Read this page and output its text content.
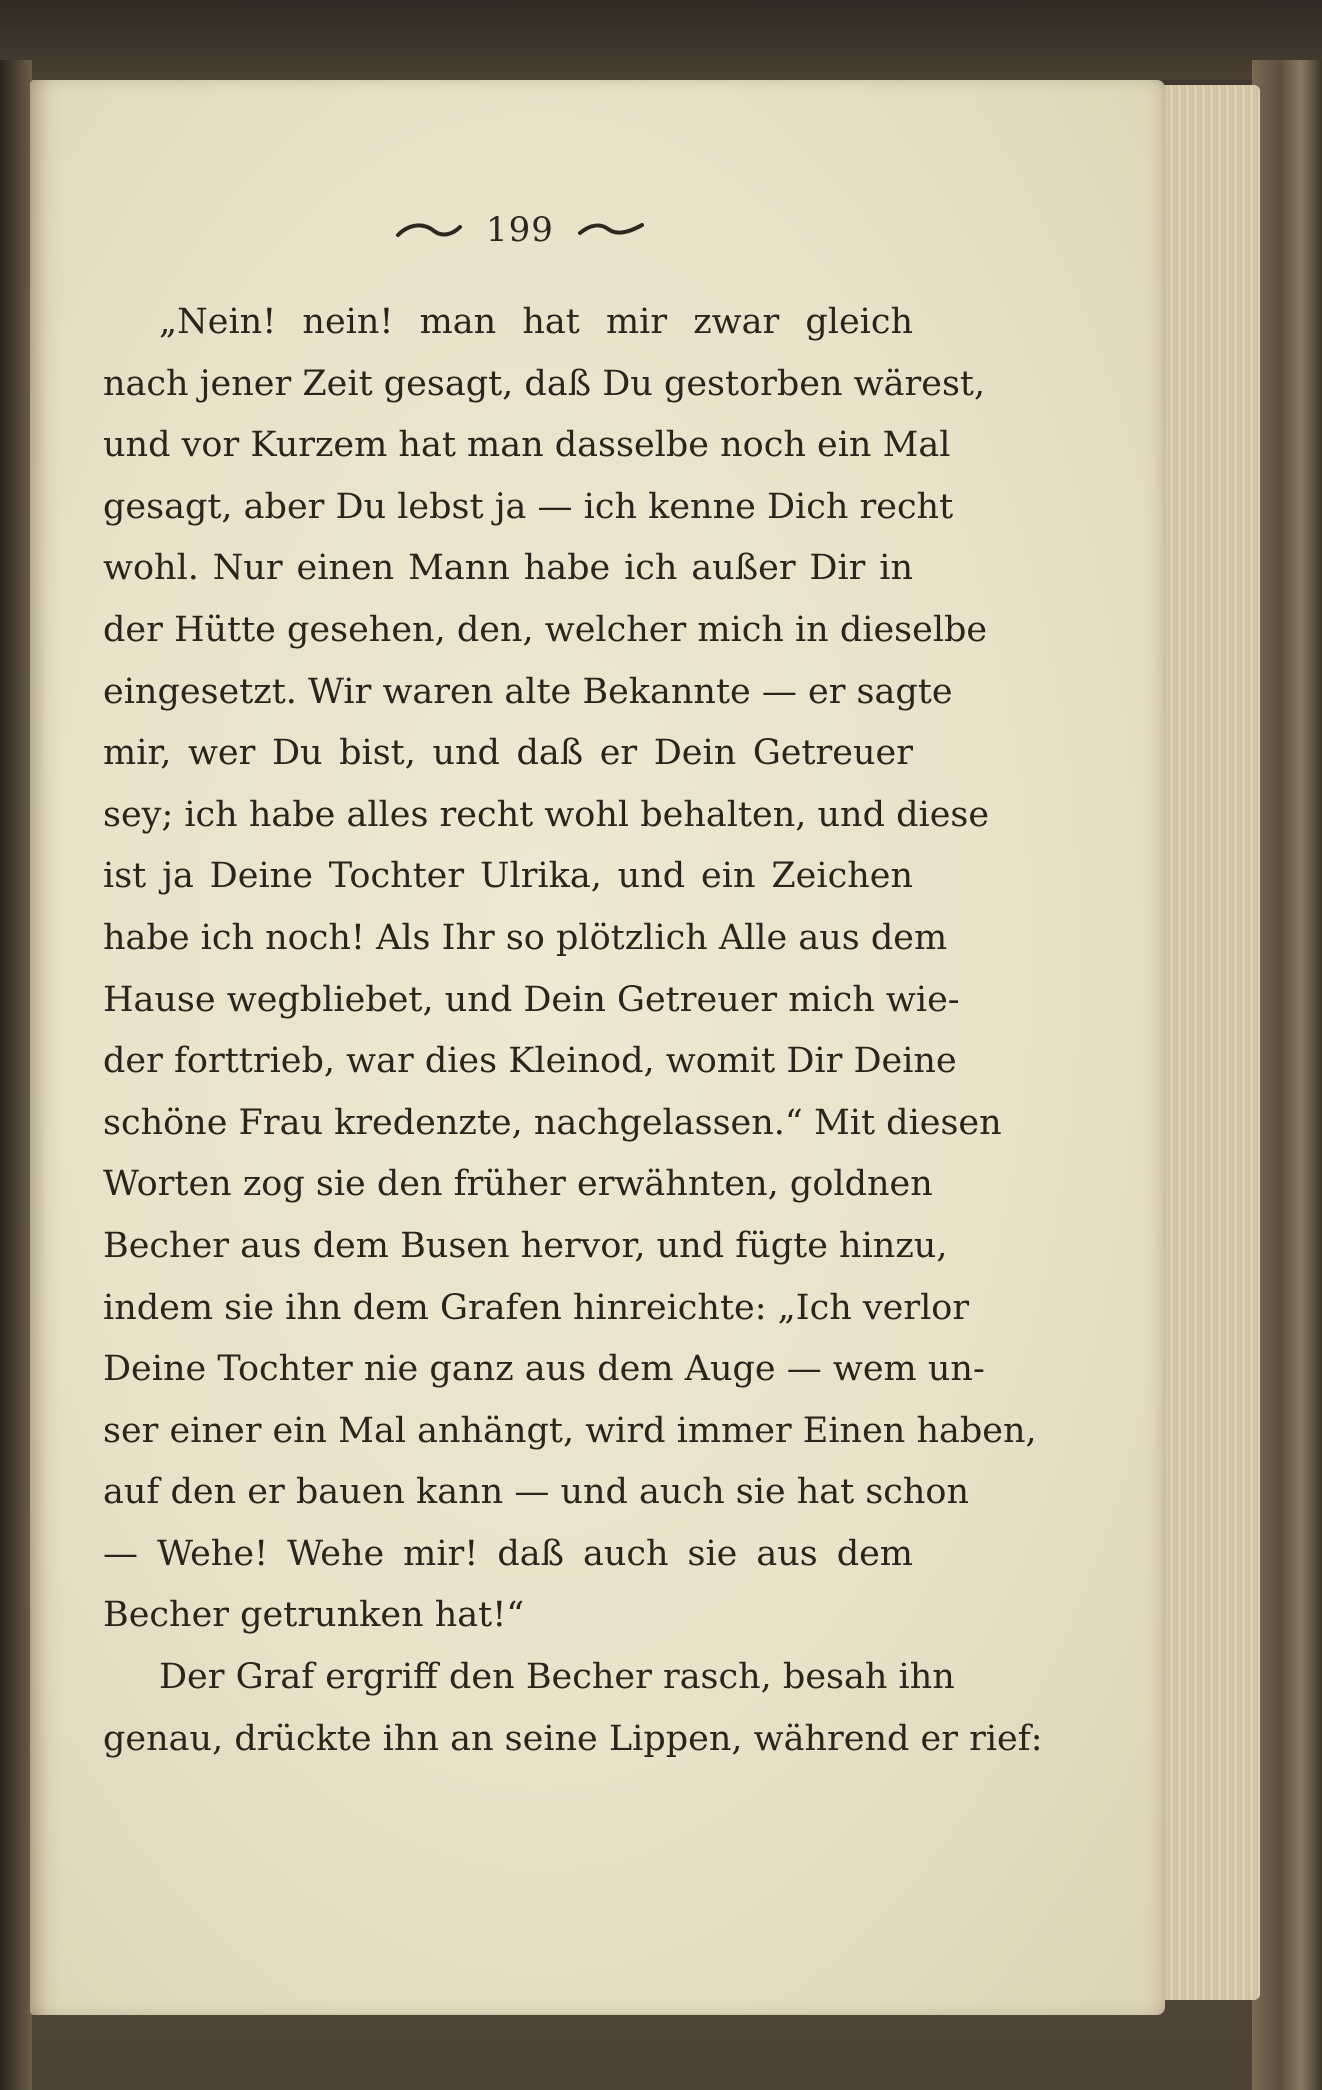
199
„Nein! nein! man hat mir zwar gleich
nach jener Zeit gesagt, daß Du gestorben wärest,
und vor Kurzem hat man dasselbe noch ein Mal
gesagt, aber Du lebst ja — ich kenne Dich recht
wohl. Nur einen Mann habe ich außer Dir in
der Hütte gesehen, den, welcher mich in dieselbe
eingesetzt. Wir waren alte Bekannte — er sagte
mir, wer Du bist, und daß er Dein Getreuer
sey; ich habe alles recht wohl behalten, und diese
ist ja Deine Tochter Ulrika, und ein Zeichen
habe ich noch! Als Ihr so plötzlich Alle aus dem
Hause wegbliebet, und Dein Getreuer mich wie-
der forttrieb, war dies Kleinod, womit Dir Deine
schöne Frau kredenzte, nachgelassen.“ Mit diesen
Worten zog sie den früher erwähnten, goldnen
Becher aus dem Busen hervor, und fügte hinzu,
indem sie ihn dem Grafen hinreichte: „Ich verlor
Deine Tochter nie ganz aus dem Auge — wem un-
ser einer ein Mal anhängt, wird immer Einen haben,
auf den er bauen kann — und auch sie hat schon
— Wehe! Wehe mir! daß auch sie aus dem
Becher getrunken hat!“
Der Graf ergriff den Becher rasch, besah ihn
genau, drückte ihn an seine Lippen, während er rief:
